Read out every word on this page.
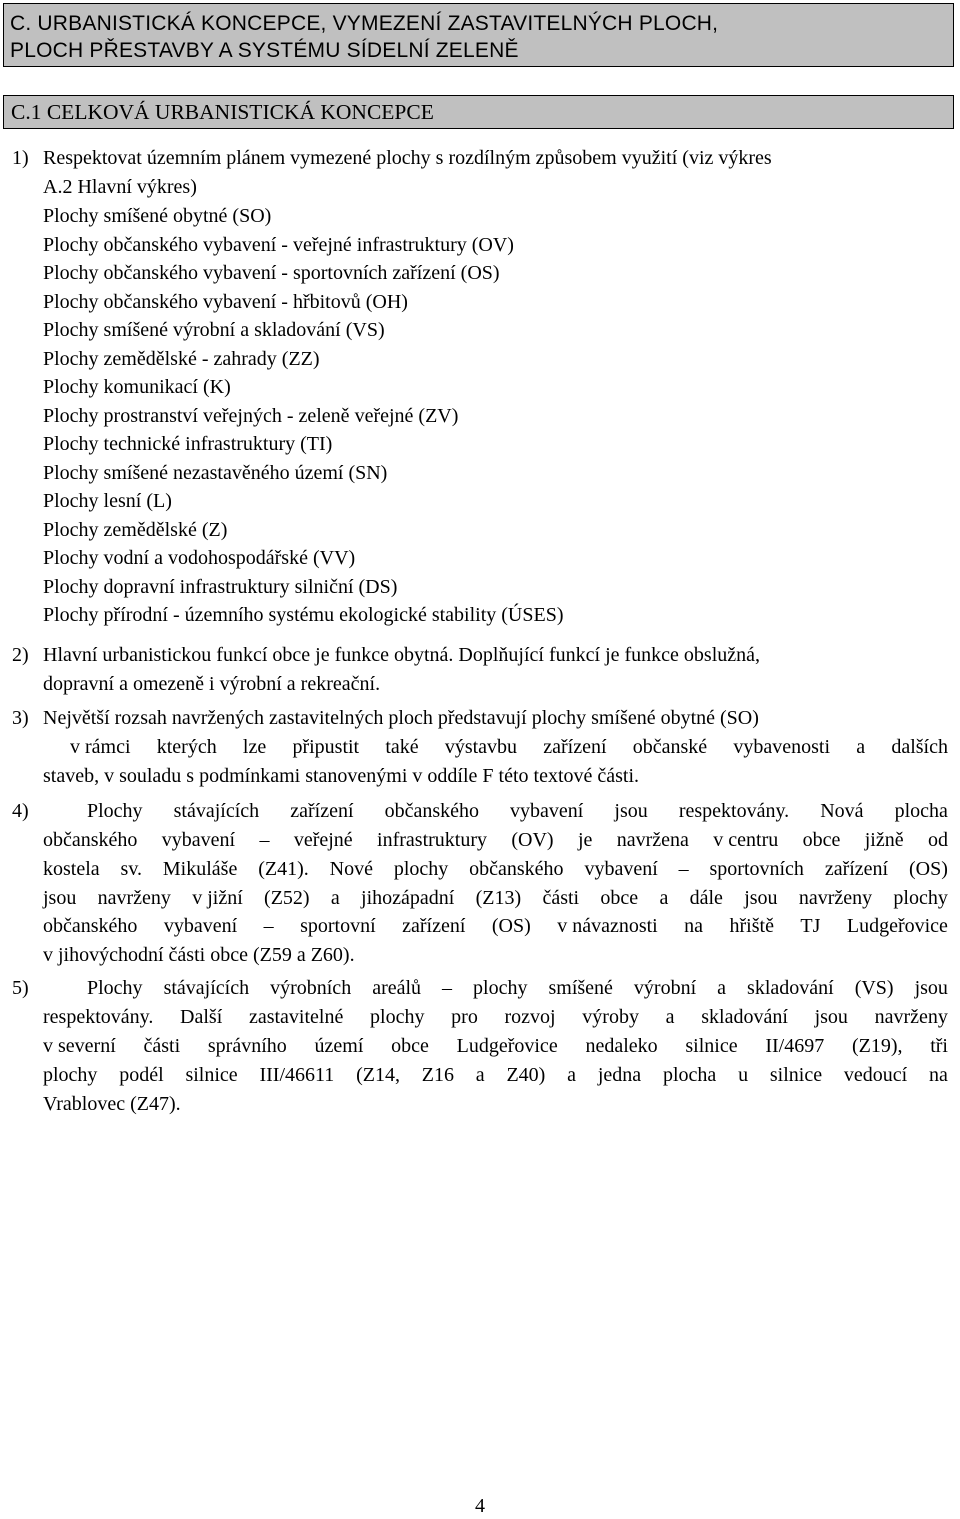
C. URBANISTICKÁ KONCEPCE, VYMEZENÍ ZASTAVITELNÝCH PLOCH,
PLOCH PŘESTAVBY A SYSTÉMU SÍDELNÍ ZELENĚ
C.1 CELKOVÁ URBANISTICKÁ KONCEPCE
1) Respektovat územním plánem vymezené plochy s rozdílným způsobem využití (viz výkres
A.2 Hlavní výkres)
Plochy smíšené obytné (SO)
Plochy občanského vybavení - veřejné infrastruktury (OV)
Plochy občanského vybavení - sportovních zařízení (OS)
Plochy občanského vybavení - hřbitovů (OH)
Plochy smíšené výrobní a skladování (VS)
Plochy zemědělské - zahrady (ZZ)
Plochy komunikací (K)
Plochy prostranství veřejných - zeleně veřejné (ZV)
Plochy technické infrastruktury (TI)
Plochy smíšené nezastavěného území (SN)
Plochy lesní (L)
Plochy zemědělské (Z)
Plochy vodní a vodohospodářské (VV)
Plochy dopravní infrastruktury silniční (DS)
Plochy přírodní - územního systému ekologické stability (ÚSES)
2) Hlavní urbanistickou funkcí obce je funkce obytná. Doplňující funkcí je funkce obslužná,
dopravní a omezeně i výrobní a rekreační.
3) Největší rozsah navržených zastavitelných ploch představují plochy smíšené obytné (SO)
v rámci kterých lze připustit také výstavbu zařízení občanské vybavenosti a dalších
staveb, v souladu s podmínkami stanovenými v oddíle F této textové části.
4)	Plochy stávajících zařízení občanského vybavení jsou respektovány. Nová plocha
občanského vybavení – veřejné infrastruktury (OV) je navržena v centru obce jižně od
kostela sv. Mikuláše (Z41). Nové plochy občanského vybavení – sportovních zařízení (OS)
jsou navrženy v jižní (Z52) a jihozápadní (Z13) části obce a dále jsou navrženy plochy
občanského vybavení – sportovní zařízení (OS) v návaznosti na hřiště TJ Ludgeřovice
v jihovýchodní části obce (Z59 a Z60).
5)	Plochy stávajících výrobních areálů – plochy smíšené výrobní a skladování (VS) jsou
respektovány. Další zastavitelné plochy pro rozvoj výroby a skladování jsou navrženy
v severní části správního území obce Ludgeřovice nedaleko silnice II/4697 (Z19), tři
plochy podél silnice III/46611 (Z14, Z16 a Z40) a jedna plocha u silnice vedoucí na
Vrablovec (Z47).
4
